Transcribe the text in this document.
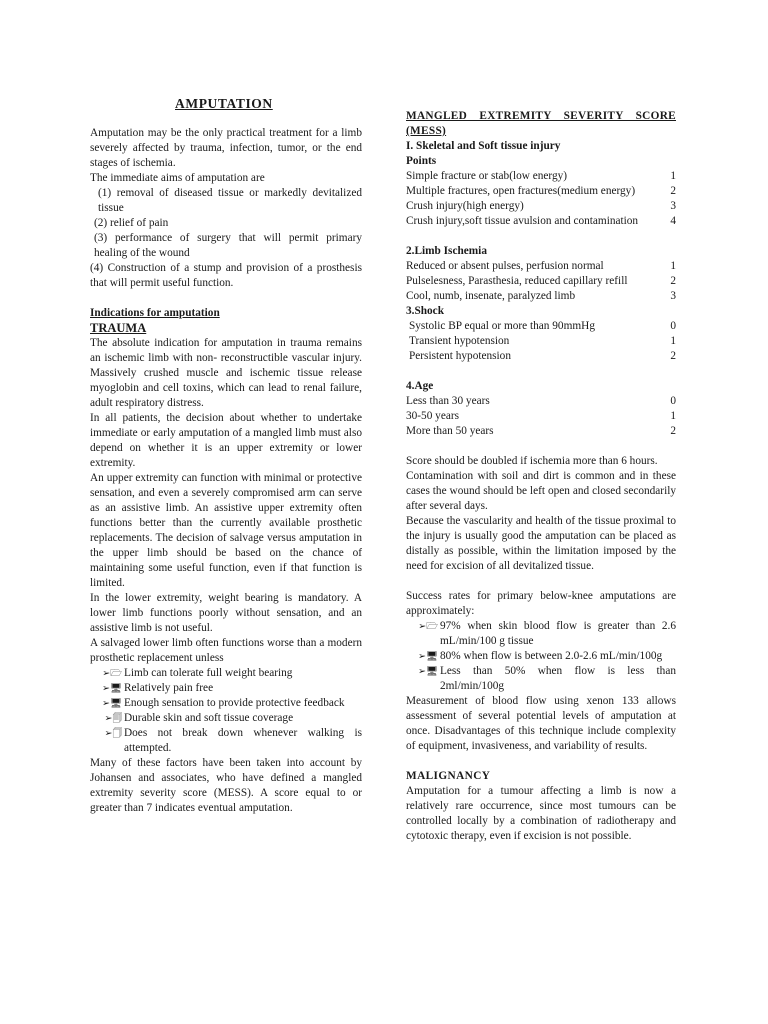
AMPUTATION

Amputation may be the only practical treatment for a limb severely affected by trauma, infection, tumor, or the end stages of ischemia.

The immediate aims of amputation are
(1) removal of diseased tissue or markedly devitalized tissue
(2) relief of pain
(3) performance of surgery that will permit primary healing of the wound
(4) Construction of a stump and provision of a prosthesis that will permit useful function.
Indications for amputation
TRAUMA

The absolute indication for amputation in trauma remains an ischemic limb with non- reconstructible vascular injury. Massively crushed muscle and ischemic tissue release myoglobin and cell toxins, which can lead to renal failure, adult respiratory distress.

In all patients, the decision about whether to undertake immediate or early amputation of a mangled limb must also depend on whether it is an upper extremity or lower extremity.

An upper extremity can function with minimal or protective sensation, and even a severely compromised arm can serve as an assistive limb. An assistive upper extremity often functions better than the currently available prosthetic replacements. The decision of salvage versus amputation in the upper limb should be based on the chance of maintaining some useful function, even if that function is limited.

In the lower extremity, weight bearing is mandatory. A lower limb functions poorly without sensation, and an assistive limb is not useful.

A salvaged lower limb often functions worse than a modern prosthetic replacement unless

➢🗁 Limb can tolerate full weight bearing
➢🖥 Relatively pain free
➢🖥 Enough sensation to provide protective feedback
➢🗐 Durable skin and soft tissue coverage
➢🗍 Does not break down whenever walking is attempted.

Many of these factors have been taken into account by Johansen and associates, who have defined a mangled extremity severity score (MESS). A score equal to or greater than 7 indicates eventual amputation.

MANGLED EXTREMITY SEVERITY SCORE (MESS)
I. Skeletal and Soft tissue injury
Points
Simple fracture or stab(low energy)	1
Multiple fractures, open fractures(medium energy)	2
Crush injury(high energy)	3
Crush injury,soft tissue avulsion and contamination	4
2.Limb Ischemia
Reduced or absent pulses, perfusion normal	1
Pulselesness, Parasthesia, reduced capillary refill	2
Cool, numb, insenate, paralyzed limb	3
3.Shock
Systolic BP equal or more than 90mmHg	0
Transient hypotension	1
Persistent hypotension	2
4.Age
Less than 30 years	0
30-50 years	1
More than 50 years	2

Score should be doubled if ischemia more than 6 hours.

Contamination with soil and dirt is common and in these cases the wound should be left open and closed secondarily after several days.

Because the vascularity and health of the tissue proximal to the injury is usually good the amputation can be placed as distally as possible, within the limitation imposed by the need for excision of all devitalized tissue.

Success rates for primary below-knee amputations are approximately:

➢🗁 97% when skin blood flow is greater than 2.6 mL/min/100 g tissue
➢🖥 80% when flow is between 2.0-2.6 mL/min/100g
➢🖥 Less than 50% when flow is less than 2ml/min/100g

Measurement of blood flow using xenon 133 allows assessment of several potential levels of amputation at once. Disadvantages of this technique include complexity of equipment, invasiveness, and variability of results.

MALIGNANCY

Amputation for a tumour affecting a limb is now a relatively rare occurrence, since most tumours can be controlled locally by a combination of radiotherapy and cytotoxic therapy, even if excision is not possible.
